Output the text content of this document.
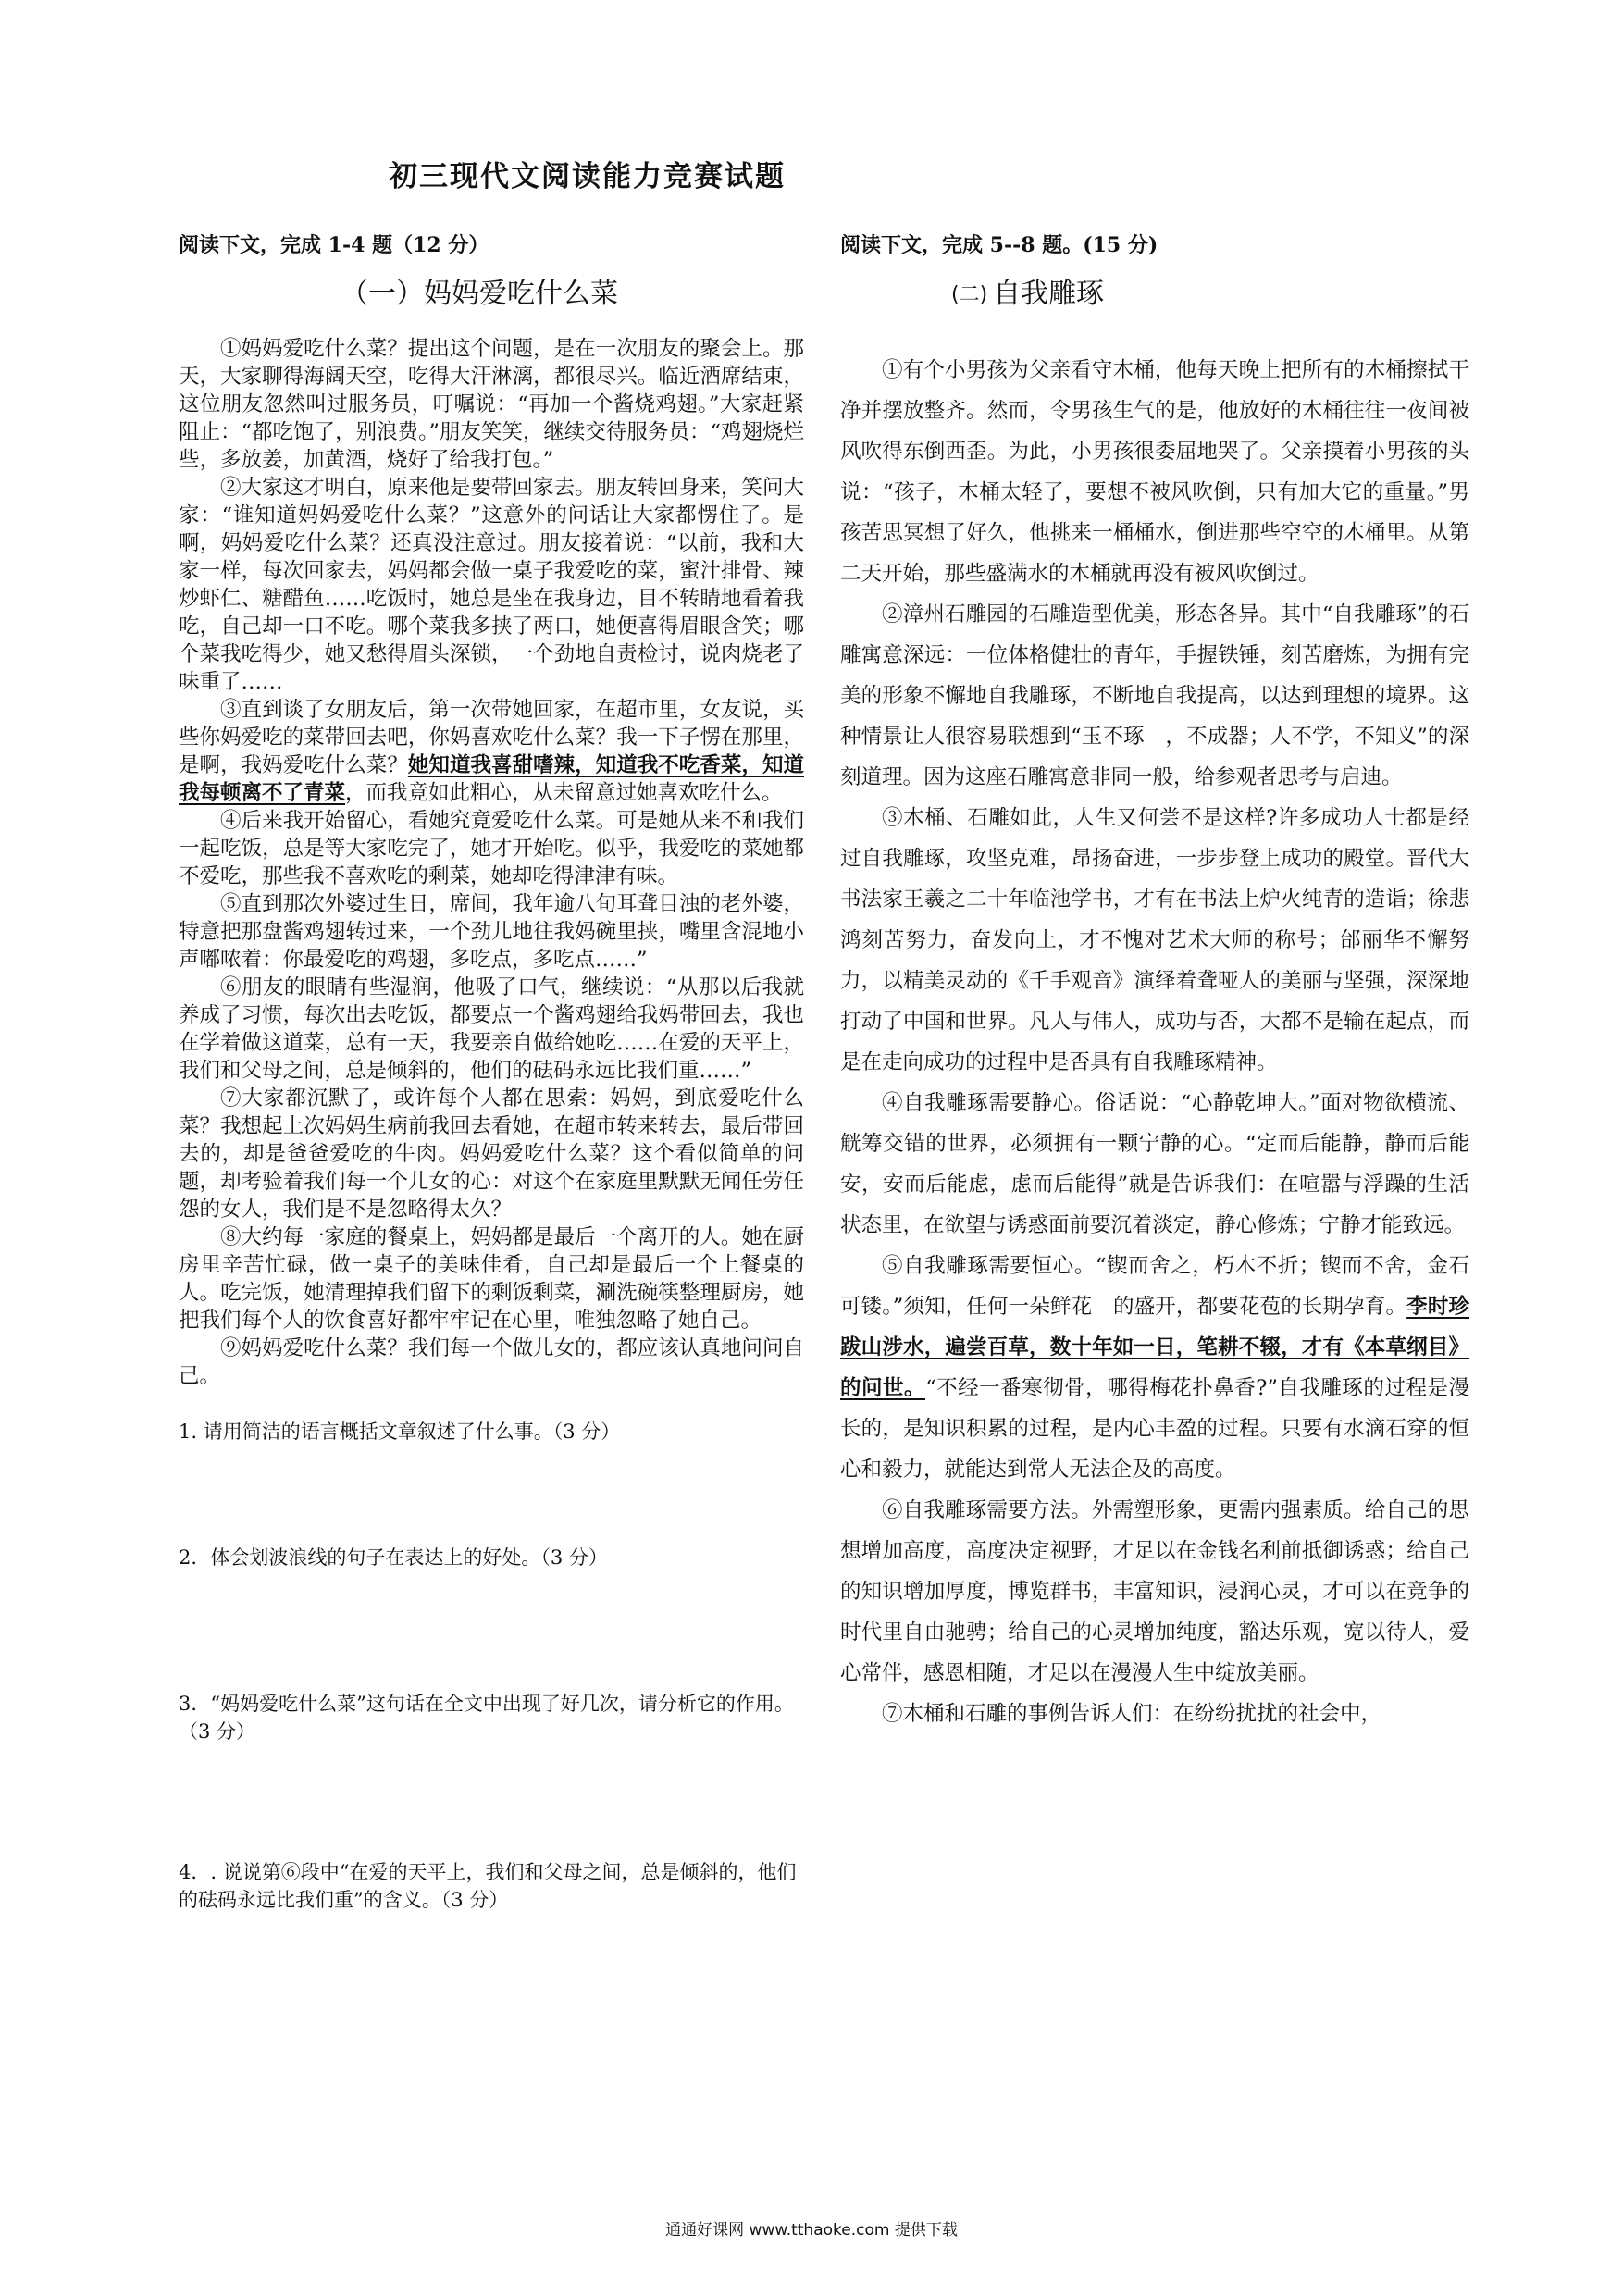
初三现代文阅读能力竞赛试题

阅读下文，完成 1-4 题（12 分）

（一）妈妈爱吃什么菜

①妈妈爱吃什么菜？提出这个问题，是在一次朋友的聚会上。那天，大家聊得海阔天空，吃得大汗淋漓，都很尽兴。临近酒席结束，这位朋友忽然叫过服务员，叮嘱说：“再加一个酱烧鸡翅。”大家赶紧阻止：“都吃饱了，别浪费。”朋友笑笑，继续交待服务员：“鸡翅烧烂些，多放姜，加黄酒，烧好了给我打包。”

②大家这才明白，原来他是要带回家去。朋友转回身来，笑问大家：“谁知道妈妈爱吃什么菜？”这意外的问话让大家都愣住了。是啊，妈妈爱吃什么菜？还真没注意过。朋友接着说：“以前，我和大家一样，每次回家去，妈妈都会做一桌子我爱吃的菜，蜜汁排骨、辣炒虾仁、糖醋鱼……吃饭时，她总是坐在我身边，目不转睛地看着我吃，自己却一口不吃。哪个菜我多挟了两口，她便喜得眉眼含笑；哪个菜我吃得少，她又愁得眉头深锁，一个劲地自责检讨，说肉烧老了味重了……

③直到谈了女朋友后，第一次带她回家，在超市里，女友说，买些你妈爱吃的菜带回去吧，你妈喜欢吃什么菜？我一下子愣在那里，是啊，我妈爱吃什么菜？她知道我喜甜嗜辣，知道我不吃香菜，知道我每顿离不了青菜，而我竟如此粗心，从未留意过她喜欢吃什么。

④后来我开始留心，看她究竟爱吃什么菜。可是她从来不和我们一起吃饭，总是等大家吃完了，她才开始吃。似乎，我爱吃的菜她都不爱吃，那些我不喜欢吃的剩菜，她却吃得津津有味。

⑤直到那次外婆过生日，席间，我年逾八旬耳聋目浊的老外婆，特意把那盘酱鸡翅转过来，一个劲儿地往我妈碗里挟，嘴里含混地小声嘟哝着：你最爱吃的鸡翅，多吃点，多吃点……”

⑥朋友的眼睛有些湿润，他吸了口气，继续说：“从那以后我就养成了习惯，每次出去吃饭，都要点一个酱鸡翅给我妈带回去，我也在学着做这道菜，总有一天，我要亲自做给她吃……在爱的天平上，我们和父母之间，总是倾斜的，他们的砝码永远比我们重……”

⑦大家都沉默了，或许每个人都在思索：妈妈，到底爱吃什么菜？我想起上次妈妈生病前我回去看她，在超市转来转去，最后带回去的，却是爸爸爱吃的牛肉。妈妈爱吃什么菜？这个看似简单的问题，却考验着我们每一个儿女的心：对这个在家庭里默默无闻任劳任怨的女人，我们是不是忽略得太久？

⑧大约每一家庭的餐桌上，妈妈都是最后一个离开的人。她在厨房里辛苦忙碌，做一桌子的美味佳肴，自己却是最后一个上餐桌的人。吃完饭，她清理掉我们留下的剩饭剩菜，涮洗碗筷整理厨房，她把我们每个人的饮食喜好都牢牢记在心里，唯独忽略了她自己。

⑨妈妈爱吃什么菜？我们每一个做儿女的，都应该认真地问问自己。

1. 请用简洁的语言概括文章叙述了什么事。（3 分）

2．体会划波浪线的句子在表达上的好处。（3 分）

3．“妈妈爱吃什么菜”这句话在全文中出现了好几次，请分析它的作用。（3 分）

4．. 说说第⑥段中“在爱的天平上，我们和父母之间，总是倾斜的，他们的砝码永远比我们重”的含义。（3 分）

阅读下文，完成 5--8 题。(15 分)

(二) 自我雕琢

①有个小男孩为父亲看守木桶，他每天晚上把所有的木桶擦拭干净并摆放整齐。然而，令男孩生气的是，他放好的木桶往往一夜间被风吹得东倒西歪。为此，小男孩很委屈地哭了。父亲摸着小男孩的头说：“孩子，木桶太轻了，要想不被风吹倒，只有加大它的重量。”男孩苦思冥想了好久，他挑来一桶桶水，倒进那些空空的木桶里。从第二天开始，那些盛满水的木桶就再没有被风吹倒过。

②漳州石雕园的石雕造型优美，形态各异。其中“自我雕琢”的石雕寓意深远：一位体格健壮的青年，手握铁锤，刻苦磨炼，为拥有完美的形象不懈地自我雕琢，不断地自我提高，以达到理想的境界。这种情景让人很容易联想到“玉不琢　，不成器；人不学，不知义”的深刻道理。因为这座石雕寓意非同一般，给参观者思考与启迪。

③木桶、石雕如此，人生又何尝不是这样?许多成功人士都是经过自我雕琢，攻坚克难，昂扬奋进，一步步登上成功的殿堂。晋代大书法家王羲之二十年临池学书，才有在书法上炉火纯青的造诣；徐悲鸿刻苦努力，奋发向上，才不愧对艺术大师的称号；邰丽华不懈努力，以精美灵动的《千手观音》演绎着聋哑人的美丽与坚强，深深地打动了中国和世界。凡人与伟人，成功与否，大都不是输在起点，而是在走向成功的过程中是否具有自我雕琢精神。

④自我雕琢需要静心。俗话说：“心静乾坤大。”面对物欲横流、觥筹交错的世界，必须拥有一颗宁静的心。“定而后能静，静而后能安，安而后能虑，虑而后能得”就是告诉我们：在喧嚣与浮躁的生活状态里，在欲望与诱惑面前要沉着淡定，静心修炼；宁静才能致远。

⑤自我雕琢需要恒心。“锲而舍之，朽木不折；锲而不舍，金石可镂。”须知，任何一朵鲜花　的盛开，都要花苞的长期孕育。李时珍跋山涉水，遍尝百草，数十年如一日，笔耕不辍，才有《本草纲目》的问世。“不经一番寒彻骨，哪得梅花扑鼻香?”自我雕琢的过程是漫长的，是知识积累的过程，是内心丰盈的过程。只要有水滴石穿的恒心和毅力，就能达到常人无法企及的高度。

⑥自我雕琢需要方法。外需塑形象，更需内强素质。给自己的思想增加高度，高度决定视野，才足以在金钱名利前抵御诱惑；给自己的知识增加厚度，博览群书，丰富知识，浸润心灵，才可以在竞争的时代里自由驰骋；给自己的心灵增加纯度，豁达乐观，宽以待人，爱心常伴，感恩相随，才足以在漫漫人生中绽放美丽。

⑦木桶和石雕的事例告诉人们：在纷纷扰扰的社会中，

通通好课网 www.tthaoke.com 提供下载
